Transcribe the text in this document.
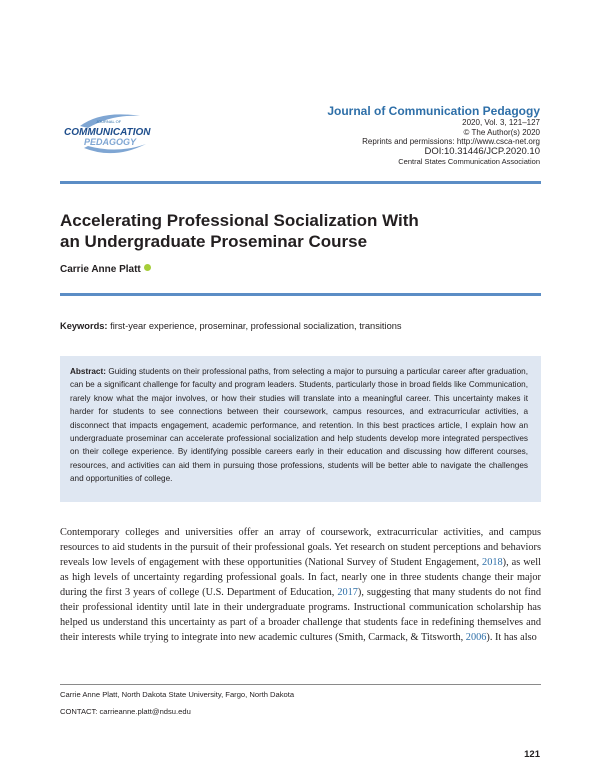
JOURNAL OF
COMMUNICATION
PEDAGOGY
Journal of Communication Pedagogy
2020, Vol. 3, 121–127
© The Author(s) 2020
Reprints and permissions: http://www.csca-net.org
DOI:10.31446/JCP.2020.10
Central States Communication Association
Accelerating Professional Socialization With
an Undergraduate Proseminar Course
Carrie Anne Platt
Keywords: first-year experience, proseminar, professional socialization, transitions
Abstract: Guiding students on their professional paths, from selecting a major to pursuing a particular career after graduation, can be a significant challenge for faculty and program leaders. Students, particularly those in broad fields like Communication, rarely know what the major involves, or how their studies will translate into a meaningful career. This uncertainty makes it harder for students to see connections between their coursework, campus resources, and extracurricular activities, a disconnect that impacts engagement, academic performance, and retention. In this best practices article, I explain how an undergraduate proseminar can accelerate professional socialization and help students develop more integrated perspectives on their college experience. By identifying possible careers early in their education and discussing how different courses, resources, and activities can aid them in pursuing those professions, students will be better able to navigate the challenges and opportunities of college.
Contemporary colleges and universities offer an array of coursework, extracurricular activities, and campus resources to aid students in the pursuit of their professional goals. Yet research on student perceptions and behaviors reveals low levels of engagement with these opportunities (National Survey of Student Engagement, 2018), as well as high levels of uncertainty regarding professional goals. In fact, nearly one in three students change their major during the first 3 years of college (U.S. Department of Education, 2017), suggesting that many students do not find their professional identity until late in their undergraduate programs. Instructional communication scholarship has helped us understand this uncertainty as part of a broader challenge that students face in redefining themselves and their interests while trying to integrate into new academic cultures (Smith, Carmack, & Titsworth, 2006). It has also
Carrie Anne Platt, North Dakota State University, Fargo, North Dakota
CONTACT: carrieanne.platt@ndsu.edu
121
